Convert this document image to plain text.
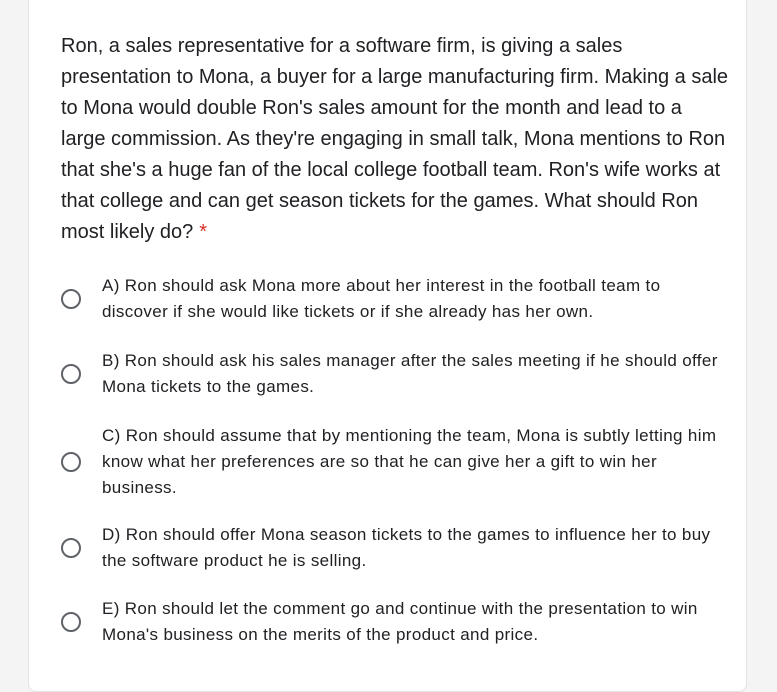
Ron, a sales representative for a software firm, is giving a sales presentation to Mona, a buyer for a large manufacturing firm. Making a sale to Mona would double Ron's sales amount for the month and lead to a large commission. As they're engaging in small talk, Mona mentions to Ron that she's a huge fan of the local college football team. Ron's wife works at that college and can get season tickets for the games. What should Ron most likely do? *

A) Ron should ask Mona more about her interest in the football team to discover if she would like tickets or if she already has her own.
B) Ron should ask his sales manager after the sales meeting if he should offer Mona tickets to the games.
C) Ron should assume that by mentioning the team, Mona is subtly letting him know what her preferences are so that he can give her a gift to win her business.
D) Ron should offer Mona season tickets to the games to influence her to buy the software product he is selling.
E) Ron should let the comment go and continue with the presentation to win Mona's business on the merits of the product and price.
